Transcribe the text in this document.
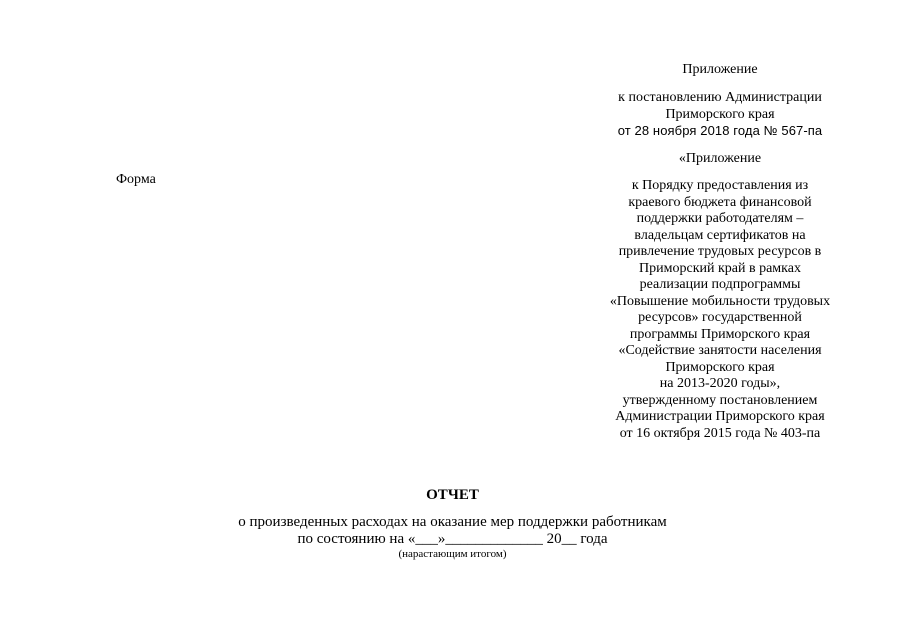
Приложение
к постановлению Администрации
Приморского края
от 28 ноября 2018 года № 567-па
«Приложение
к Порядку предоставления из
краевого бюджета финансовой
поддержки работодателям –
владельцам сертификатов на
привлечение трудовых ресурсов в
Приморский край в рамках
реализации подпрограммы
«Повышение мобильности трудовых
ресурсов» государственной
программы Приморского края
«Содействие занятости населения
Приморского края
на 2013-2020 годы»,
утвержденному постановлением
Администрации Приморского края
от 16 октября 2015 года № 403-па
Форма
ОТЧЕТ
о произведенных расходах на оказание мер поддержки работникам
по состоянию на «___»_____________ 20__ года
(нарастающим итогом)
